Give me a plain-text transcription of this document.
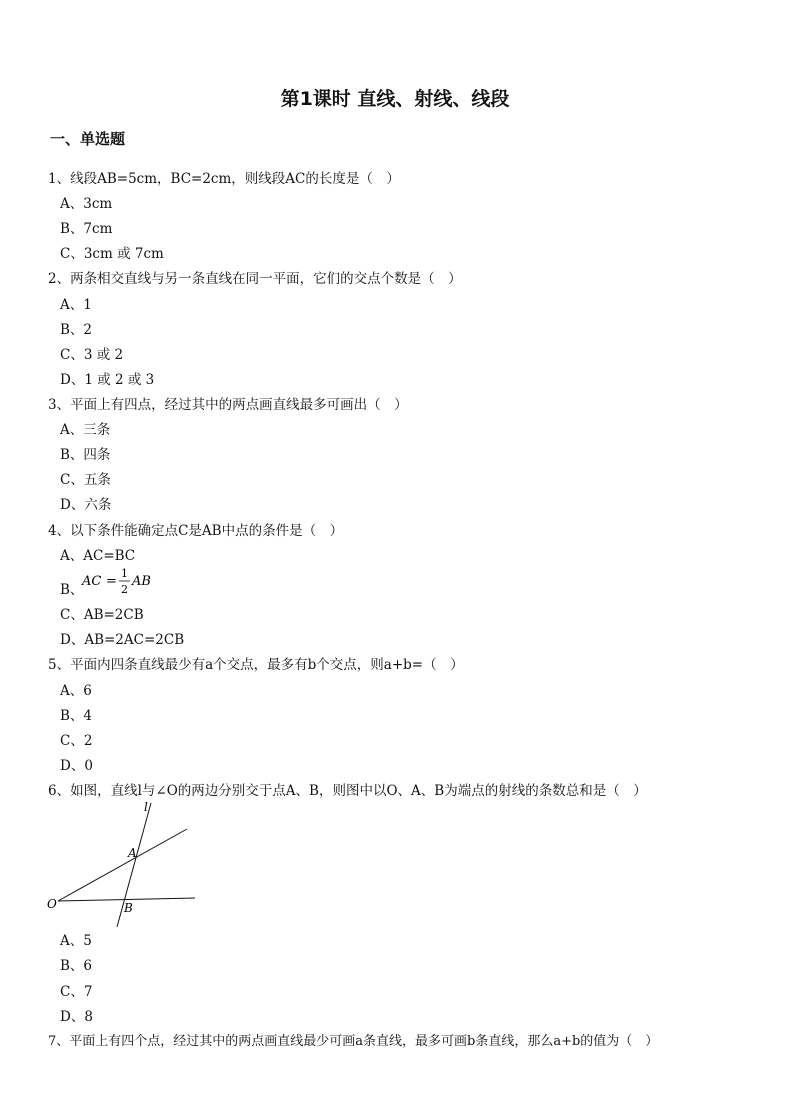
第1课时 直线、射线、线段
一、单选题
1、线段AB=5cm，BC=2cm，则线段AC的长度是（　）
A、3cm
B、7cm
C、3cm 或 7cm
2、两条相交直线与另一条直线在同一平面，它们的交点个数是（　）
A、1
B、2
C、3 或 2
D、1 或 2 或 3
3、平面上有四点，经过其中的两点画直线最多可画出（　）
A、三条
B、四条
C、五条
D、六条
4、以下条件能确定点C是AB中点的条件是（　）
A、AC=BC
B、
AC =
1
2
AB
C、AB=2CB
D、AB=2AC=2CB
5、平面内四条直线最少有a个交点，最多有b个交点，则a+b=（　）
A、6
B、4
C、2
D、0
6、如图，直线l与∠O的两边分别交于点A、B，则图中以O、A、B为端点的射线的条数总和是（　）
l
A
B
O
A、5
B、6
C、7
D、8
7、平面上有四个点，经过其中的两点画直线最少可画a条直线，最多可画b条直线，那么a+b的值为（　）
